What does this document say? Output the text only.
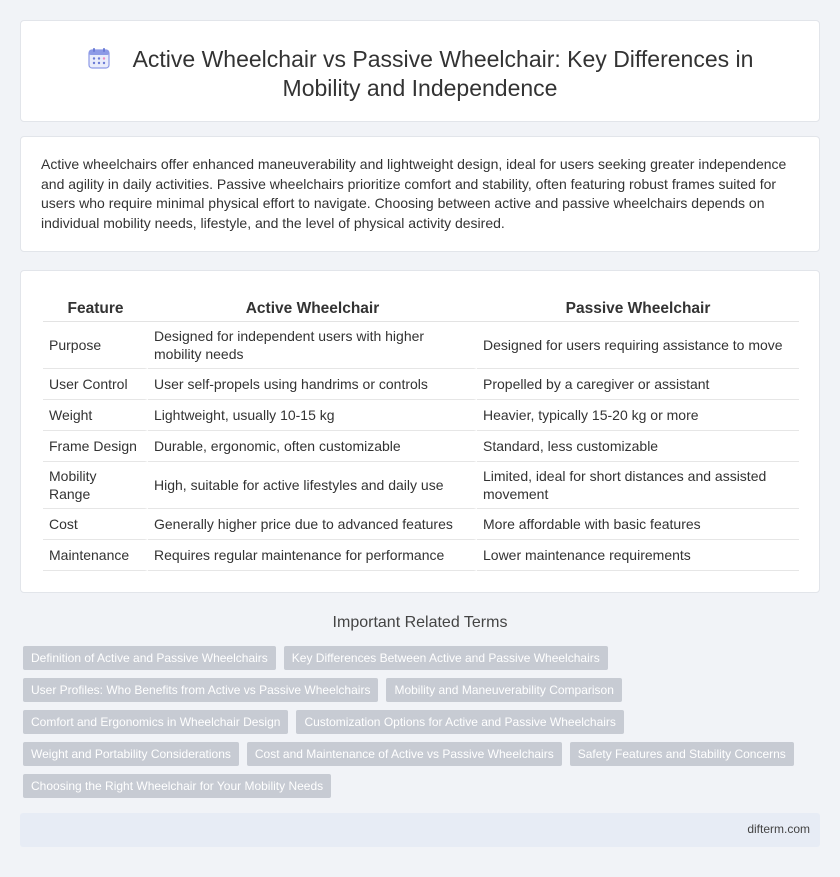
Active Wheelchair vs Passive Wheelchair: Key Differences in Mobility and Independence

Active wheelchairs offer enhanced maneuverability and lightweight design, ideal for users seeking greater independence and agility in daily activities. Passive wheelchairs prioritize comfort and stability, often featuring robust frames suited for users who require minimal physical effort to navigate. Choosing between active and passive wheelchairs depends on individual mobility needs, lifestyle, and the level of physical activity desired.

Feature	Active Wheelchair	Passive Wheelchair
Purpose	Designed for independent users with higher mobility needs	Designed for users requiring assistance to move
User Control	User self-propels using handrims or controls	Propelled by a caregiver or assistant
Weight	Lightweight, usually 10-15 kg	Heavier, typically 15-20 kg or more
Frame Design	Durable, ergonomic, often customizable	Standard, less customizable
Mobility Range	High, suitable for active lifestyles and daily use	Limited, ideal for short distances and assisted movement
Cost	Generally higher price due to advanced features	More affordable with basic features
Maintenance	Requires regular maintenance for performance	Lower maintenance requirements
Important Related Terms
Definition of Active and Passive Wheelchairs	Key Differences Between Active and Passive Wheelchairs
User Profiles: Who Benefits from Active vs Passive Wheelchairs	Mobility and Maneuverability Comparison
Comfort and Ergonomics in Wheelchair Design	Customization Options for Active and Passive Wheelchairs
Weight and Portability Considerations	Cost and Maintenance of Active vs Passive Wheelchairs	Safety Features and Stability Concerns
Choosing the Right Wheelchair for Your Mobility Needs
difterm.com
